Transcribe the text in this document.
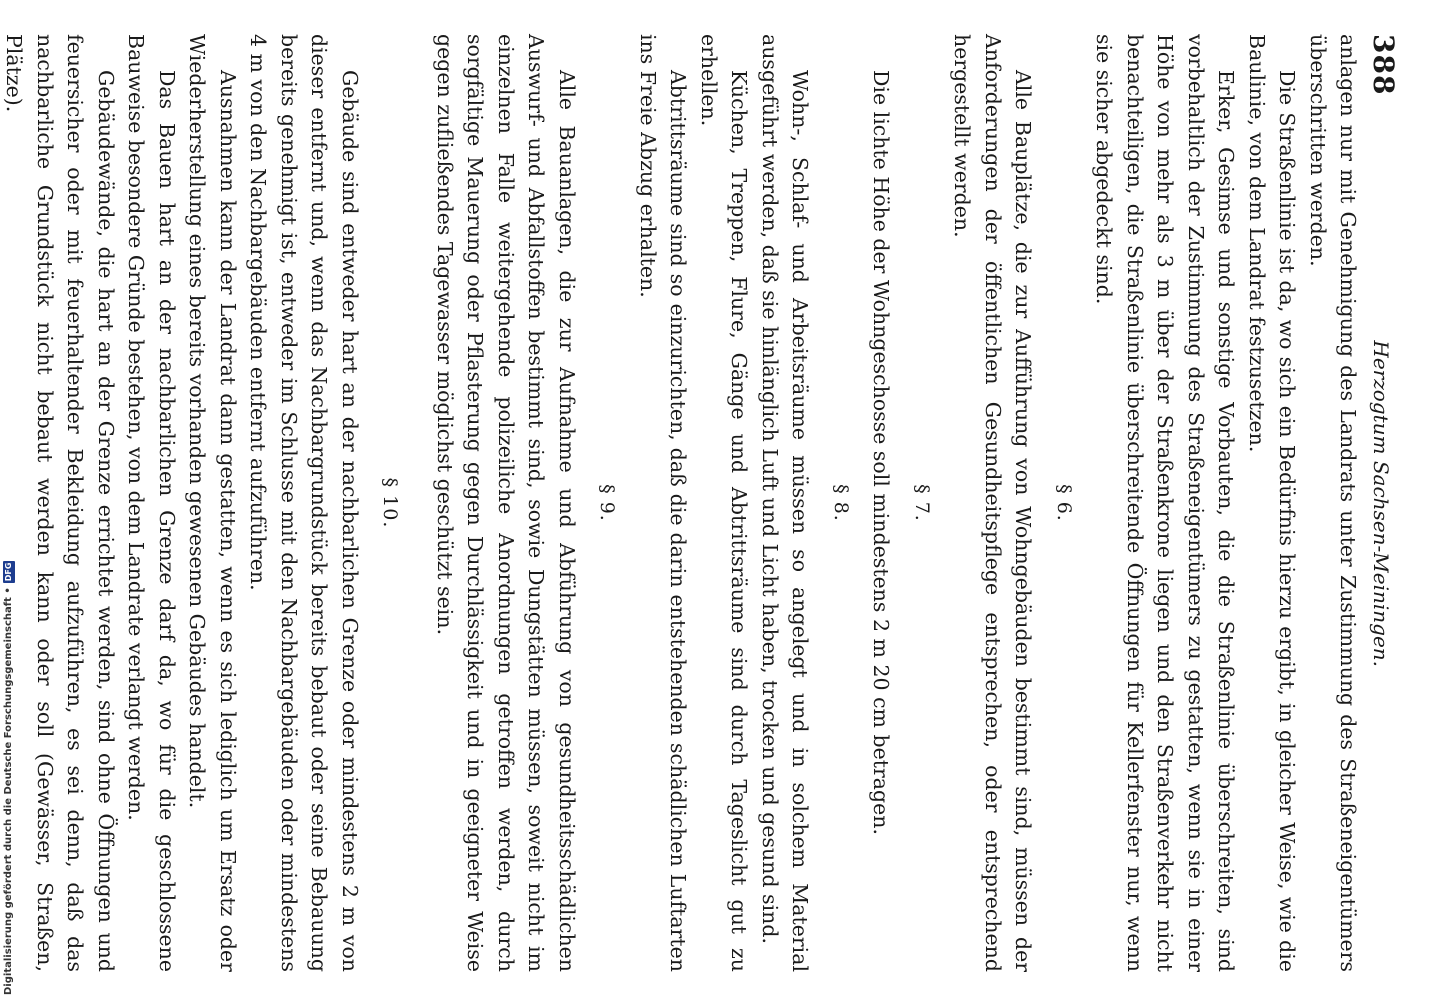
Digitalisierung gefördert durch die Deutsche Forschungsgemeinschaft •
DFG
388
Herzogtum Sachsen-Meiningen.

anlagen nur mit Genehmigung des Landrats unter Zustimmung des Straßeneigentümers überschritten werden.

Die Straßenlinie ist da, wo sich ein Bedürfnis hierzu ergibt, in gleicher Weise, wie die Baulinie, von dem Landrat festzusetzen.

Erker, Gesimse und sonstige Vorbauten, die die Straßenlinie überschreiten, sind vorbehaltlich der Zustimmung des Straßeneigentümers zu gestatten, wenn sie in einer Höhe von mehr als 3 m über der Straßenkrone liegen und den Straßenverkehr nicht benachteiligen, die Straßenlinie überschreitende Öffnungen für Kellerfenster nur, wenn sie sicher abgedeckt sind.

§ 6.

Alle Bauplätze, die zur Aufführung von Wohngebäuden bestimmt sind, müssen der Anforderungen der öffentlichen Gesundheitspflege entsprechen, oder entsprechend hergestellt werden.

§ 7.

Die lichte Höhe der Wohngeschosse soll mindestens 2 m 20 cm betragen.

§ 8.

Wohn-, Schlaf- und Arbeitsräume müssen so angelegt und in solchem Material ausgeführt werden, daß sie hinlänglich Luft und Licht haben, trocken und gesund sind.

Küchen, Treppen, Flure, Gänge und Abtrittsräume sind durch Tageslicht gut zu erhellen.

Abtrittsräume sind so einzurichten, daß die darin entstehenden schädlichen Luftarten ins Freie Abzug erhalten.

§ 9.

Alle Bauanlagen, die zur Aufnahme und Abführung von gesundheitsschädlichen Auswurf- und Abfallstoffen bestimmt sind, sowie Dungstätten müssen, soweit nicht im einzelnen Falle weitergehende polizeiliche Anordnungen getroffen werden, durch sorgfältige Mauerung oder Pflasterung gegen Durchlässigkeit und in geeigneter Weise gegen zufließendes Tagewasser möglichst geschützt sein.

§ 10.

Gebäude sind entweder hart an der nachbarlichen Grenze oder mindestens 2 m von dieser entfernt und, wenn das Nachbargrundstück bereits bebaut oder seine Bebauung bereits genehmigt ist, entweder im Schlusse mit den Nachbargebäuden oder mindestens 4 m von den Nachbargebäuden entfernt aufzuführen.

Ausnahmen kann der Landrat dann gestatten, wenn es sich lediglich um Ersatz oder Wiederherstellung eines bereits vorhanden gewesenen Gebäudes handelt.

Das Bauen hart an der nachbarlichen Grenze darf da, wo für die geschlossene Bauweise besondere Gründe bestehen, von dem Landrate verlangt werden.

Gebäudewände, die hart an der Grenze errichtet werden, sind ohne Öffnungen und feuersicher oder mit feuerhaltender Bekleidung aufzuführen, es sei denn, daß das nachbarliche Grundstück nicht bebaut werden kann oder soll (Gewässer, Straßen, Plätze).
